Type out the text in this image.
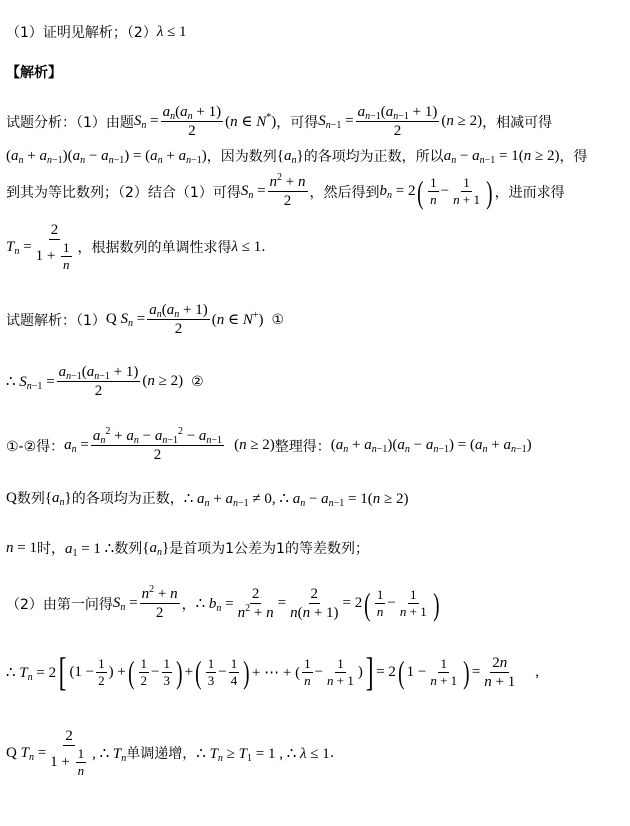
（1）证明见解析；（2） λ ≤ 1
【解析】
试题分析：（1）由题 $S_n = \frac{a_n(a_n + 1)}{2} (n$ ∈ N*) ，可得 $S_{n-1} = \frac{a_{n-1}(a_{n-1} + 1)}{2} (n \ge 2)$ ，相减可得
$(a_n + a_{n-1})(a_n - a_{n-1}) = (a_n + a_{n-1})$ ，因为数列 $\{a_n\}$ 的各项均为正数，所以 $a_n - a_{n-1} = 1(n \ge 2)$ ，得
到其为等比数列；（2）结合（1）可得 $S_n = \frac{n^2 + n}{2}$ ，然后得到 $b_n = 2$ ( $\frac{1}{n} - \frac{1}{n + 1}$ ) ，进而求得
$T_n = \frac{2}{1 + \frac{1}{n}}$ ，根据数列的单调性求得 λ ≤ 1 .
试题解析：（1） Q $S_n = \frac{a_n(a_n + 1)}{2} (n$ ∈ N+) ①
∴ $S_{n-1} = \frac{a_{n-1}(a_{n-1} + 1)}{2} (n \ge 2)$ ②
①-②得： $a_n = \frac{a_n^2 + a_n - a_{n-1}^2 - a_{n-1}}{2} (n \ge 2)$ 整理得： $(a_n + a_{n-1})(a_n - a_{n-1}) = (a_n + a_{n-1})$
Q 数列 $\{a_n\}$ 的各项均为正数， ∴ $a_n + a_{n-1} \ne 0$, ∴ $a_n - a_{n-1} = 1(n \ge 2)$
n = 1 时， $a_1 = 1$ ∴ 数列 $\{a_n\}$ 是首项为1公差为1的等差数列；
（2）由第一问得 $S_n = \frac{n^2 + n}{2}$ ， ∴ $b_n = \frac{2}{n^2 + n} = \frac{2}{n(n + 1)} = 2$ ( $\frac{1}{n} - \frac{1}{n + 1}$ )
∴ $T_n = 2$ [ ($1 - \frac{1}{2}$ ) + ( $\frac{1}{2} - \frac{1}{3}$ ) + ( $\frac{1}{3} - \frac{1}{4}$ ) + ⋯ + ( $\frac{1}{n} - \frac{1}{n + 1}$ ) ] = 2 ( $1 - \frac{1}{n + 1}$ ) = $\frac{2n}{n + 1}$ ,
Q $T_n = \frac{2}{1 + \frac{1}{n}}$ , ∴ $T_n$ 单调递增， ∴ $T_n \ge T_1 = 1$ , ∴ λ ≤ 1 .
